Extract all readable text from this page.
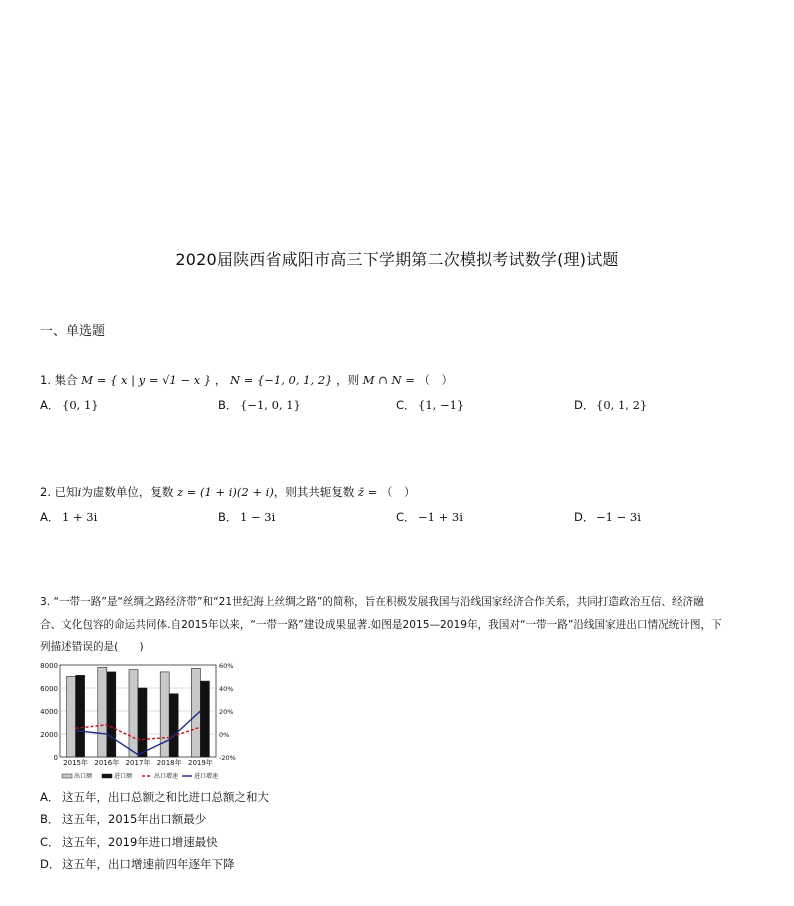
2020届陕西省咸阳市高三下学期第二次模拟考试数学(理)试题
一、单选题
1. 集合 M = { x | y = √1 − x } ， N = {−1, 0, 1, 2} ，则 M ∩ N = （　）
A． {0, 1}	B． {−1, 0, 1}	C． {1, −1}	D． {0, 1, 2}
2. 已知i为虚数单位，复数 z = (1 + i)(2 + i)，则其共轭复数 z̄ = （　）
A． 1 + 3i	B． 1 − 3i	C． −1 + 3i	D． −1 − 3i
3. “一带一路”是“丝绸之路经济带”和“21世纪海上丝绸之路”的简称，旨在积极发展我国与沿线国家经济合作关系，共同打造政治互信、经济融
合、文化包容的命运共同体.自2015年以来，“一带一路”建设成果显著.如图是2015—2019年，我国对“一带一路”沿线国家进出口情况统计图，下
列描述错误的是(　　)
0
2000
4000
6000
8000
-20%
0%
20%
40%
60%
2015年 2016年 2017年 2018年 2019年
出口额	进口额	出口增速	进口增速
A． 这五年，出口总额之和比进口总额之和大
B． 这五年，2015年出口额最少
C． 这五年，2019年进口增速最快
D． 这五年，出口增速前四年逐年下降
